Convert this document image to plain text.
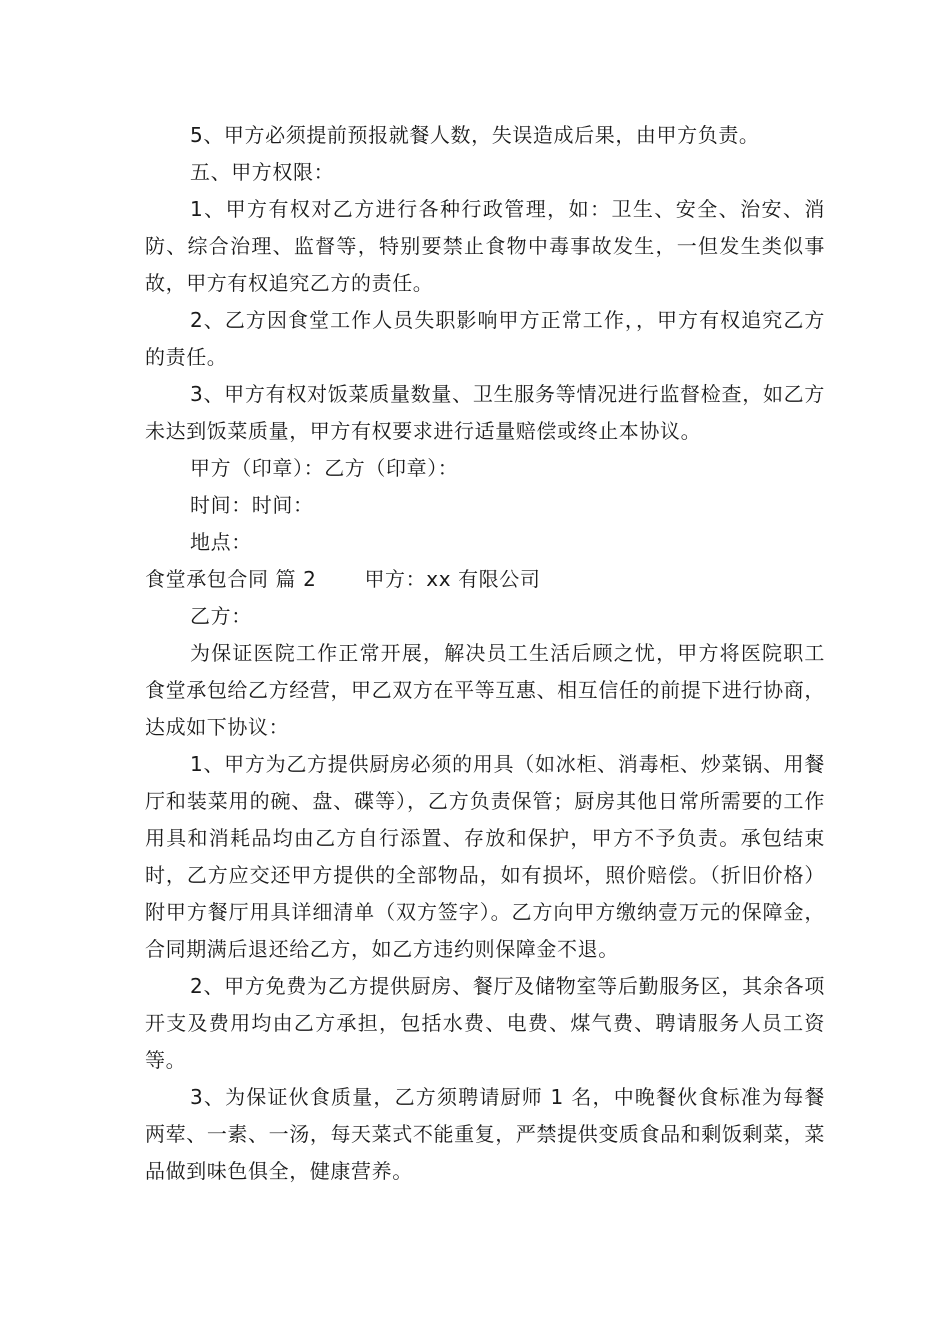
5、甲方必须提前预报就餐人数，失误造成后果，由甲方负责。

五、甲方权限：

1、甲方有权对乙方进行各种行政管理，如：卫生、安全、治安、消防、综合治理、监督等，特别要禁止食物中毒事故发生，一但发生类似事故，甲方有权追究乙方的责任。

2、乙方因食堂工作人员失职影响甲方正常工作，，甲方有权追究乙方的责任。

3、甲方有权对饭菜质量数量、卫生服务等情况进行监督检查，如乙方未达到饭菜质量，甲方有权要求进行适量赔偿或终止本协议。

甲方（印章）：乙方（印章）：

时间：时间：

地点：

食堂承包合同 篇 2 甲方：xx 有限公司

乙方：

为保证医院工作正常开展，解决员工生活后顾之忧，甲方将医院职工食堂承包给乙方经营，甲乙双方在平等互惠、相互信任的前提下进行协商，达成如下协议：

1、甲方为乙方提供厨房必须的用具（如冰柜、消毒柜、炒菜锅、用餐厅和装菜用的碗、盘、碟等），乙方负责保管；厨房其他日常所需要的工作用具和消耗品均由乙方自行添置、存放和保护，甲方不予负责。承包结束时，乙方应交还甲方提供的全部物品，如有损坏，照价赔偿。（折旧价格）附甲方餐厅用具详细清单（双方签字）。乙方向甲方缴纳壹万元的保障金，合同期满后退还给乙方，如乙方违约则保障金不退。

2、甲方免费为乙方提供厨房、餐厅及储物室等后勤服务区，其余各项开支及费用均由乙方承担，包括水费、电费、煤气费、聘请服务人员工资等。

3、为保证伙食质量，乙方须聘请厨师 1 名，中晚餐伙食标准为每餐两荤、一素、一汤，每天菜式不能重复，严禁提供变质食品和剩饭剩菜，菜品做到味色俱全，健康营养。
